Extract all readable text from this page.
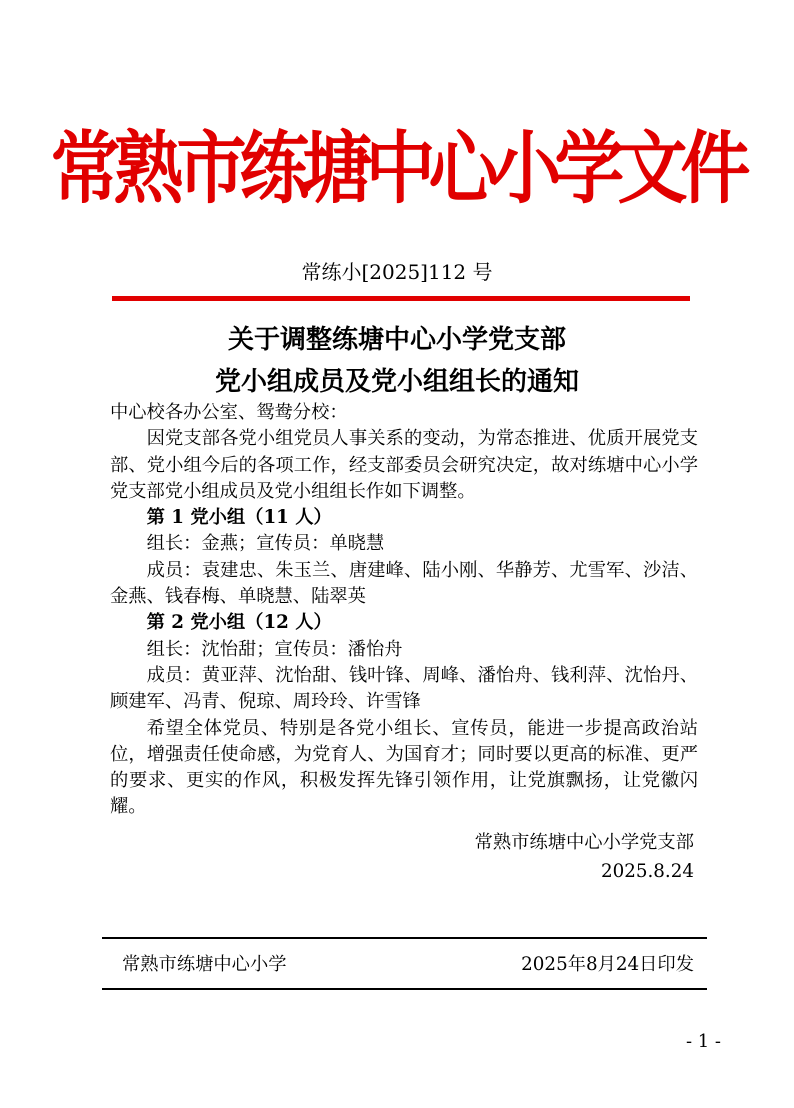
常熟市练塘中心小学文件
常练小[2025]112 号
关于调整练塘中心小学党支部
党小组成员及党小组组长的通知

中心校各办公室、鸳鸯分校：

因党支部各党小组党员人事关系的变动，为常态推进、优质开展党支部、党小组今后的各项工作，经支部委员会研究决定，故对练塘中心小学党支部党小组成员及党小组组长作如下调整。

第 1 党小组（11 人）

组长：金燕；宣传员：单晓慧

成员：袁建忠、朱玉兰、唐建峰、陆小刚、华静芳、尤雪军、沙洁、金燕、钱春梅、单晓慧、陆翠英

第 2 党小组（12 人）

组长：沈怡甜；宣传员：潘怡舟

成员：黄亚萍、沈怡甜、钱叶锋、周峰、潘怡舟、钱利萍、沈怡丹、顾建军、冯青、倪琼、周玲玲、许雪锋

希望全体党员、特别是各党小组长、宣传员，能进一步提高政治站位，增强责任使命感，为党育人、为国育才；同时要以更高的标准、更严的要求、更实的作风，积极发挥先锋引领作用，让党旗飘扬，让党徽闪耀。

常熟市练塘中心小学党支部
2025.8.24
常熟市练塘中心小学	2025年8月24日印发
- 1 -
